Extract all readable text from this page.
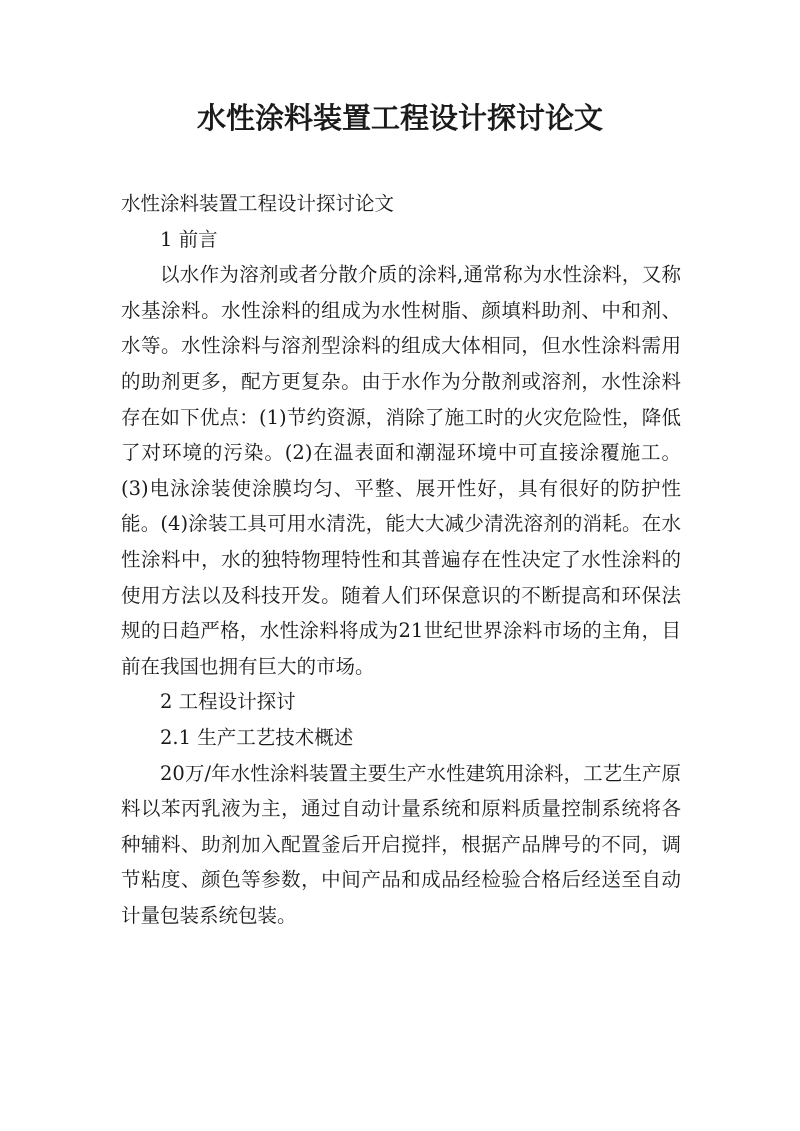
水性涂料装置工程设计探讨论文

水性涂料装置工程设计探讨论文

1 前言

以水作为溶剂或者分散介质的涂料,通常称为水性涂料，又称水基涂料。水性涂料的组成为水性树脂、颜填料助剂、中和剂、水等。水性涂料与溶剂型涂料的组成大体相同，但水性涂料需用的助剂更多，配方更复杂。由于水作为分散剂或溶剂，水性涂料存在如下优点：(1)节约资源，消除了施工时的火灾危险性，降低了对环境的污染。(2)在温表面和潮湿环境中可直接涂覆施工。(3)电泳涂装使涂膜均匀、平整、展开性好，具有很好的防护性能。(4)涂装工具可用水清洗，能大大减少清洗溶剂的消耗。在水性涂料中，水的独特物理特性和其普遍存在性决定了水性涂料的使用方法以及科技开发。随着人们环保意识的不断提高和环保法规的日趋严格，水性涂料将成为21世纪世界涂料市场的主角，目前在我国也拥有巨大的市场。

2 工程设计探讨

2.1 生产工艺技术概述

20万/年水性涂料装置主要生产水性建筑用涂料，工艺生产原料以苯丙乳液为主，通过自动计量系统和原料质量控制系统将各种辅料、助剂加入配置釜后开启搅拌，根据产品牌号的不同，调节粘度、颜色等参数，中间产品和成品经检验合格后经送至自动计量包装系统包装。
